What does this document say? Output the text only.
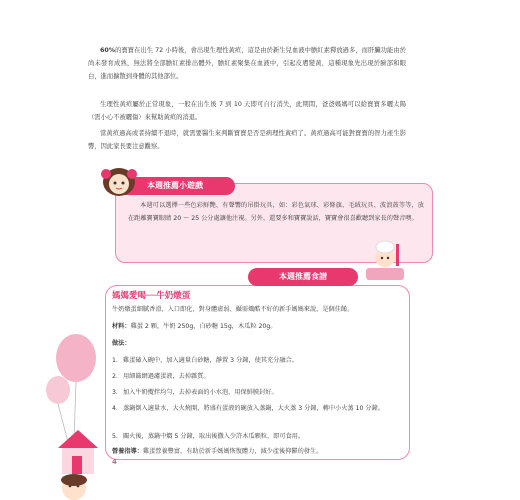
60%的寶寶在出生 72 小時後，會出現生理性黃疸，這是由於新生兒血液中膽紅素釋放過多，而肝臟功能由於尚未發育成熟，無法將全部膽紅素排出體外，膽紅素聚集在血液中，引起皮膚變黃，這種現象先出現於臉部和眼白，進而擴散到身體的其他部位。

生理性黃疸屬於正常現象，一般在出生後 7 到 10 天即可自行消失，此期間，爸爸媽媽可以給寶寶多曬太陽（需小心不被曬傷）來幫助黃疸的消退。

當黃疸過高或者持續不退時，就需要醫生來判斷寶寶是否是病理性黃疸了。黃疸過高可能對寶寶的智力產生影響，因此家長要注意觀察。

本週推薦小遊戲

本週可以選擇一些色彩鮮艷、有聲響的吊掛玩具，如：彩色氣球、彩條旗、毛絨玩具、波浪鼓等等，放在距離寶寶眼睛 20 ～ 25 公分處讓他注視。另外，還要多和寶寶說話，寶寶會很喜歡聽到家長的聲音噢。

本週推薦食譜
媽媽愛喝──牛奶燉蛋
牛奶燉蛋細膩香滑，入口即化，對身體虛弱、攝需熾酷不好的新手媽媽來說，是個佳餚。
材料：雞蛋 2 顆，牛奶 250g，白砂糖 15g，木瓜粒 20g。
做法：
1. 雞蛋磕入碗中，加入適量白砂糖，靜置 3 分鐘，使其充分融合。
2. 用細篩網過濾蛋液，去掉雜質。
3. 加入牛奶攪拌均勻，去掉表面的小水泡，用保鮮膜封好。
4. 蒸鍋倒入適量水，大火燒開，將盛有蛋液的碗放入蒸鍋，大火蒸 3 分鐘，轉中小火蒸 10 分鐘。
5. 關火後，蒸鍋中燜 5 分鐘，取出後撒入少許木瓜顆粒，即可食用。
營養指導：雞蛋營養豐富，有助於新手媽媽恢復體力，減少產後抑鬱的發生。
4
